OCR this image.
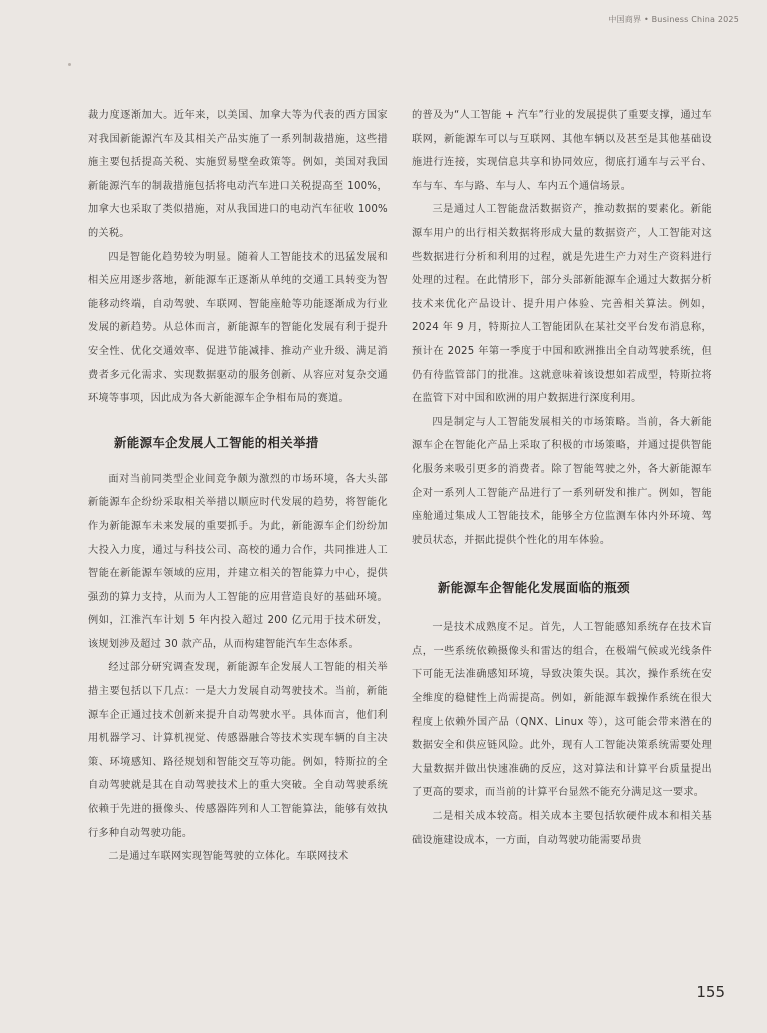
中国商界 • Business China 2025

裁力度逐渐加大。近年来，以美国、加拿大等为代表的西方国家对我国新能源汽车及其相关产品实施了一系列制裁措施，这些措施主要包括提高关税、实施贸易壁垒政策等。例如，美国对我国新能源汽车的制裁措施包括将电动汽车进口关税提高至 100%，加拿大也采取了类似措施，对从我国进口的电动汽车征收 100% 的关税。

四是智能化趋势较为明显。随着人工智能技术的迅猛发展和相关应用逐步落地，新能源车正逐渐从单纯的交通工具转变为智能移动终端，自动驾驶、车联网、智能座舱等功能逐渐成为行业发展的新趋势。从总体而言，新能源车的智能化发展有利于提升安全性、优化交通效率、促进节能减排、推动产业升级、满足消费者多元化需求、实现数据驱动的服务创新、从容应对复杂交通环境等事项，因此成为各大新能源车企争相布局的赛道。

新能源车企发展人工智能的相关举措

面对当前同类型企业间竞争颇为激烈的市场环境，各大头部新能源车企纷纷采取相关举措以顺应时代发展的趋势，将智能化作为新能源车未来发展的重要抓手。为此，新能源车企们纷纷加大投入力度，通过与科技公司、高校的通力合作，共同推进人工智能在新能源车领域的应用，并建立相关的智能算力中心，提供强劲的算力支持，从而为人工智能的应用营造良好的基础环境。例如，江淮汽车计划 5 年内投入超过 200 亿元用于技术研发，该规划涉及超过 30 款产品，从而构建智能汽车生态体系。

经过部分研究调查发现，新能源车企发展人工智能的相关举措主要包括以下几点：一是大力发展自动驾驶技术。当前，新能源车企正通过技术创新来提升自动驾驶水平。具体而言，他们利用机器学习、计算机视觉、传感器融合等技术实现车辆的自主决策、环境感知、路径规划和智能交互等功能。例如，特斯拉的全自动驾驶就是其在自动驾驶技术上的重大突破。全自动驾驶系统依赖于先进的摄像头、传感器阵列和人工智能算法，能够有效执行多种自动驾驶功能。

二是通过车联网实现智能驾驶的立体化。车联网技术

的普及为“人工智能 + 汽车”行业的发展提供了重要支撑，通过车联网，新能源车可以与互联网、其他车辆以及甚至是其他基础设施进行连接，实现信息共享和协同效应，彻底打通车与云平台、车与车、车与路、车与人、车内五个通信场景。

三是通过人工智能盘活数据资产，推动数据的要素化。新能源车用户的出行相关数据将形成大量的数据资产，人工智能对这些数据进行分析和利用的过程，就是先进生产力对生产资料进行处理的过程。在此情形下，部分头部新能源车企通过大数据分析技术来优化产品设计、提升用户体验、完善相关算法。例如，2024 年 9 月，特斯拉人工智能团队在某社交平台发布消息称，预计在 2025 年第一季度于中国和欧洲推出全自动驾驶系统，但仍有待监管部门的批准。这就意味着该设想如若成型，特斯拉将在监管下对中国和欧洲的用户数据进行深度利用。

四是制定与人工智能发展相关的市场策略。当前，各大新能源车企在智能化产品上采取了积极的市场策略，并通过提供智能化服务来吸引更多的消费者。除了智能驾驶之外，各大新能源车企对一系列人工智能产品进行了一系列研发和推广。例如，智能座舱通过集成人工智能技术，能够全方位监测车体内外环境、驾驶员状态，并据此提供个性化的用车体验。

新能源车企智能化发展面临的瓶颈

一是技术成熟度不足。首先，人工智能感知系统存在技术盲点，一些系统依赖摄像头和雷达的组合，在极端气候或光线条件下可能无法准确感知环境，导致决策失误。其次，操作系统在安全维度的稳健性上尚需提高。例如，新能源车载操作系统在很大程度上依赖外国产品（QNX、Linux 等），这可能会带来潜在的数据安全和供应链风险。此外，现有人工智能决策系统需要处理大量数据并做出快速准确的反应，这对算法和计算平台质量提出了更高的要求，而当前的计算平台显然不能充分满足这一要求。

二是相关成本较高。相关成本主要包括软硬件成本和相关基础设施建设成本，一方面，自动驾驶功能需要昂贵

155
